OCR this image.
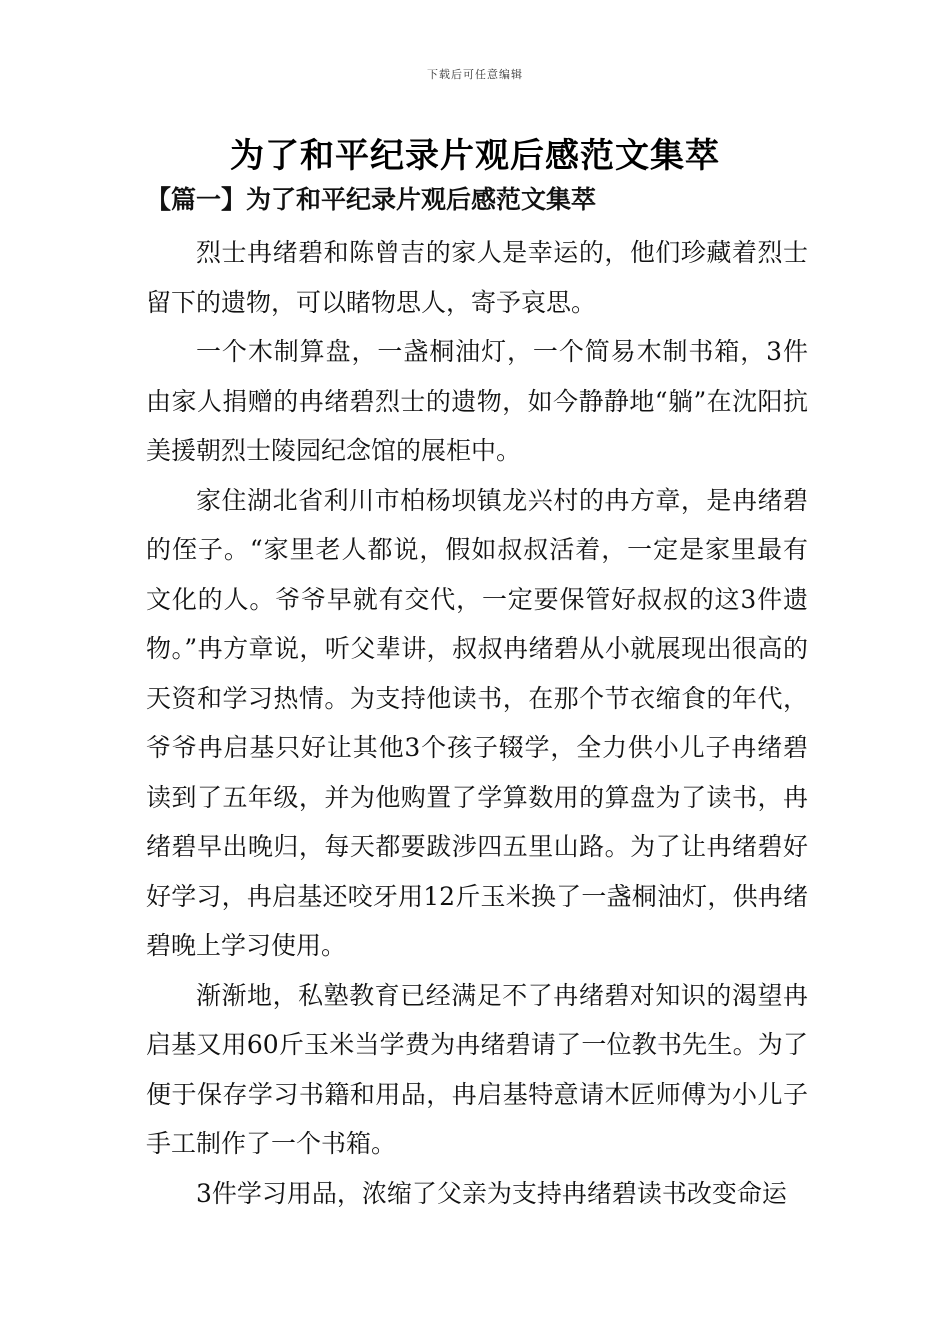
下载后可任意编辑
为了和平纪录片观后感范文集萃
【篇一】为了和平纪录片观后感范文集萃

烈士冉绪碧和陈曾吉的家人是幸运的，他们珍藏着烈士留下的遗物，可以睹物思人，寄予哀思。

一个木制算盘，一盏桐油灯，一个简易木制书箱，3件由家人捐赠的冉绪碧烈士的遗物，如今静静地“躺”在沈阳抗美援朝烈士陵园纪念馆的展柜中。

家住湖北省利川市柏杨坝镇龙兴村的冉方章，是冉绪碧的侄子。“家里老人都说，假如叔叔活着，一定是家里最有文化的人。爷爷早就有交代，一定要保管好叔叔的这3件遗物。”冉方章说，听父辈讲，叔叔冉绪碧从小就展现出很高的天资和学习热情。为支持他读书，在那个节衣缩食的年代，爷爷冉启基只好让其他3个孩子辍学，全力供小儿子冉绪碧读到了五年级，并为他购置了学算数用的算盘为了读书，冉绪碧早出晚归，每天都要跋涉四五里山路。为了让冉绪碧好好学习，冉启基还咬牙用12斤玉米换了一盏桐油灯，供冉绪碧晚上学习使用。

渐渐地，私塾教育已经满足不了冉绪碧对知识的渴望冉启基又用60斤玉米当学费为冉绪碧请了一位教书先生。为了便于保存学习书籍和用品，冉启基特意请木匠师傅为小儿子手工制作了一个书箱。

3件学习用品，浓缩了父亲为支持冉绪碧读书改变命运
